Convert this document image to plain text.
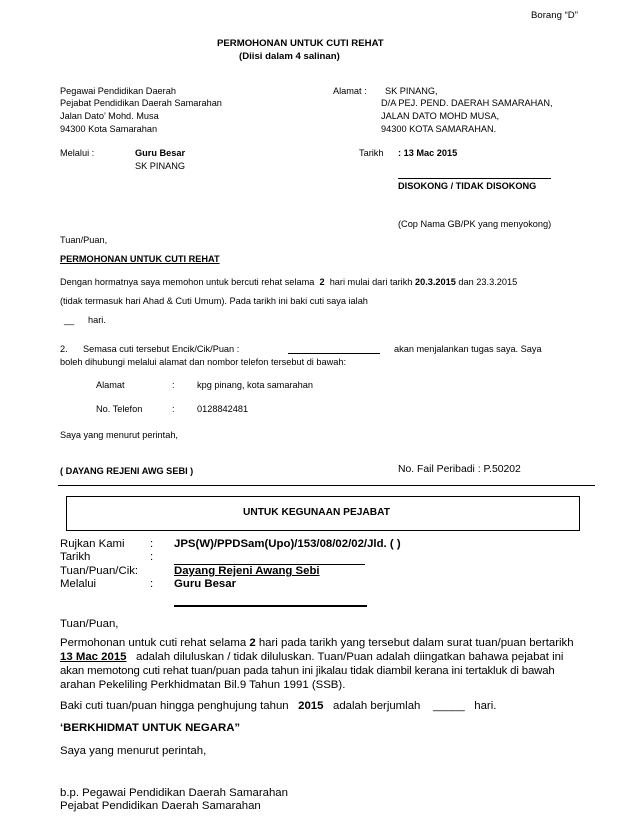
Borang “D”
PERMOHONAN UNTUK CUTI REHAT
(Diisi dalam 4 salinan)
Pegawai Pendidikan Daerah
Pejabat Pendidikan Daerah Samarahan
Jalan Dato’ Mohd. Musa
94300 Kota Samarahan
Alamat : SK PINANG,
D/A PEJ. PEND. DAERAH SAMARAHAN,
JALAN DATO MOHD MUSA,
94300 KOTA SAMARAHAN.
Melalui :	Guru Besar
SK PINANG
Tarikh : 13 Mac 2015
DISOKONG / TIDAK DISOKONG
(Cop Nama GB/PK yang menyokong)
Tuan/Puan,
PERMOHONAN UNTUK CUTI REHAT
Dengan hormatnya saya memohon untuk bercuti rehat selama 2 hari mulai dari tarikh 20.3.2015 dan 23.3.2015
(tidak termasuk hari Ahad & Cuti Umum). Pada tarikh ini baki cuti saya ialah
__ hari.
2. Semasa cuti tersebut Encik/Cik/Puan :	akan menjalankan tugas saya. Saya
boleh dihubungi melalui alamat dan nombor telefon tersebut di bawah:
Alamat	: kpg pinang, kota samarahan
No. Telefon	: 0128842481
Saya yang menurut perintah,
( DAYANG REJENI AWG SEBI )	No. Fail Peribadi : P.50202
UNTUK KEGUNAAN PEJABAT
Rujkan Kami : JPS(W)/PPDSam(Upo)/153/08/02/02/Jld. ( )
Tarikh	:
Tuan/Puan/Cik:	Dayang Rejeni Awang Sebi
Melalui	: Guru Besar
Tuan/Puan,
Permohonan untuk cuti rehat selama 2 hari pada tarikh yang tersebut dalam surat tuan/puan bertarikh
13 Mac 2015 adalah diluluskan / tidak diluluskan. Tuan/Puan adalah diingatkan bahawa pejabat ini
akan memotong cuti rehat tuan/puan pada tahun ini jikalau tidak diambil kerana ini tertakluk di bawah
arahan Pekeliling Perkhidmatan Bil.9 Tahun 1991 (SSB).
Baki cuti tuan/puan hingga penghujung tahun 2015 adalah berjumlah _____ hari.
‘BERKHIDMAT UNTUK NEGARA”
Saya yang menurut perintah,
b.p. Pegawai Pendidikan Daerah Samarahan
Pejabat Pendidikan Daerah Samarahan
